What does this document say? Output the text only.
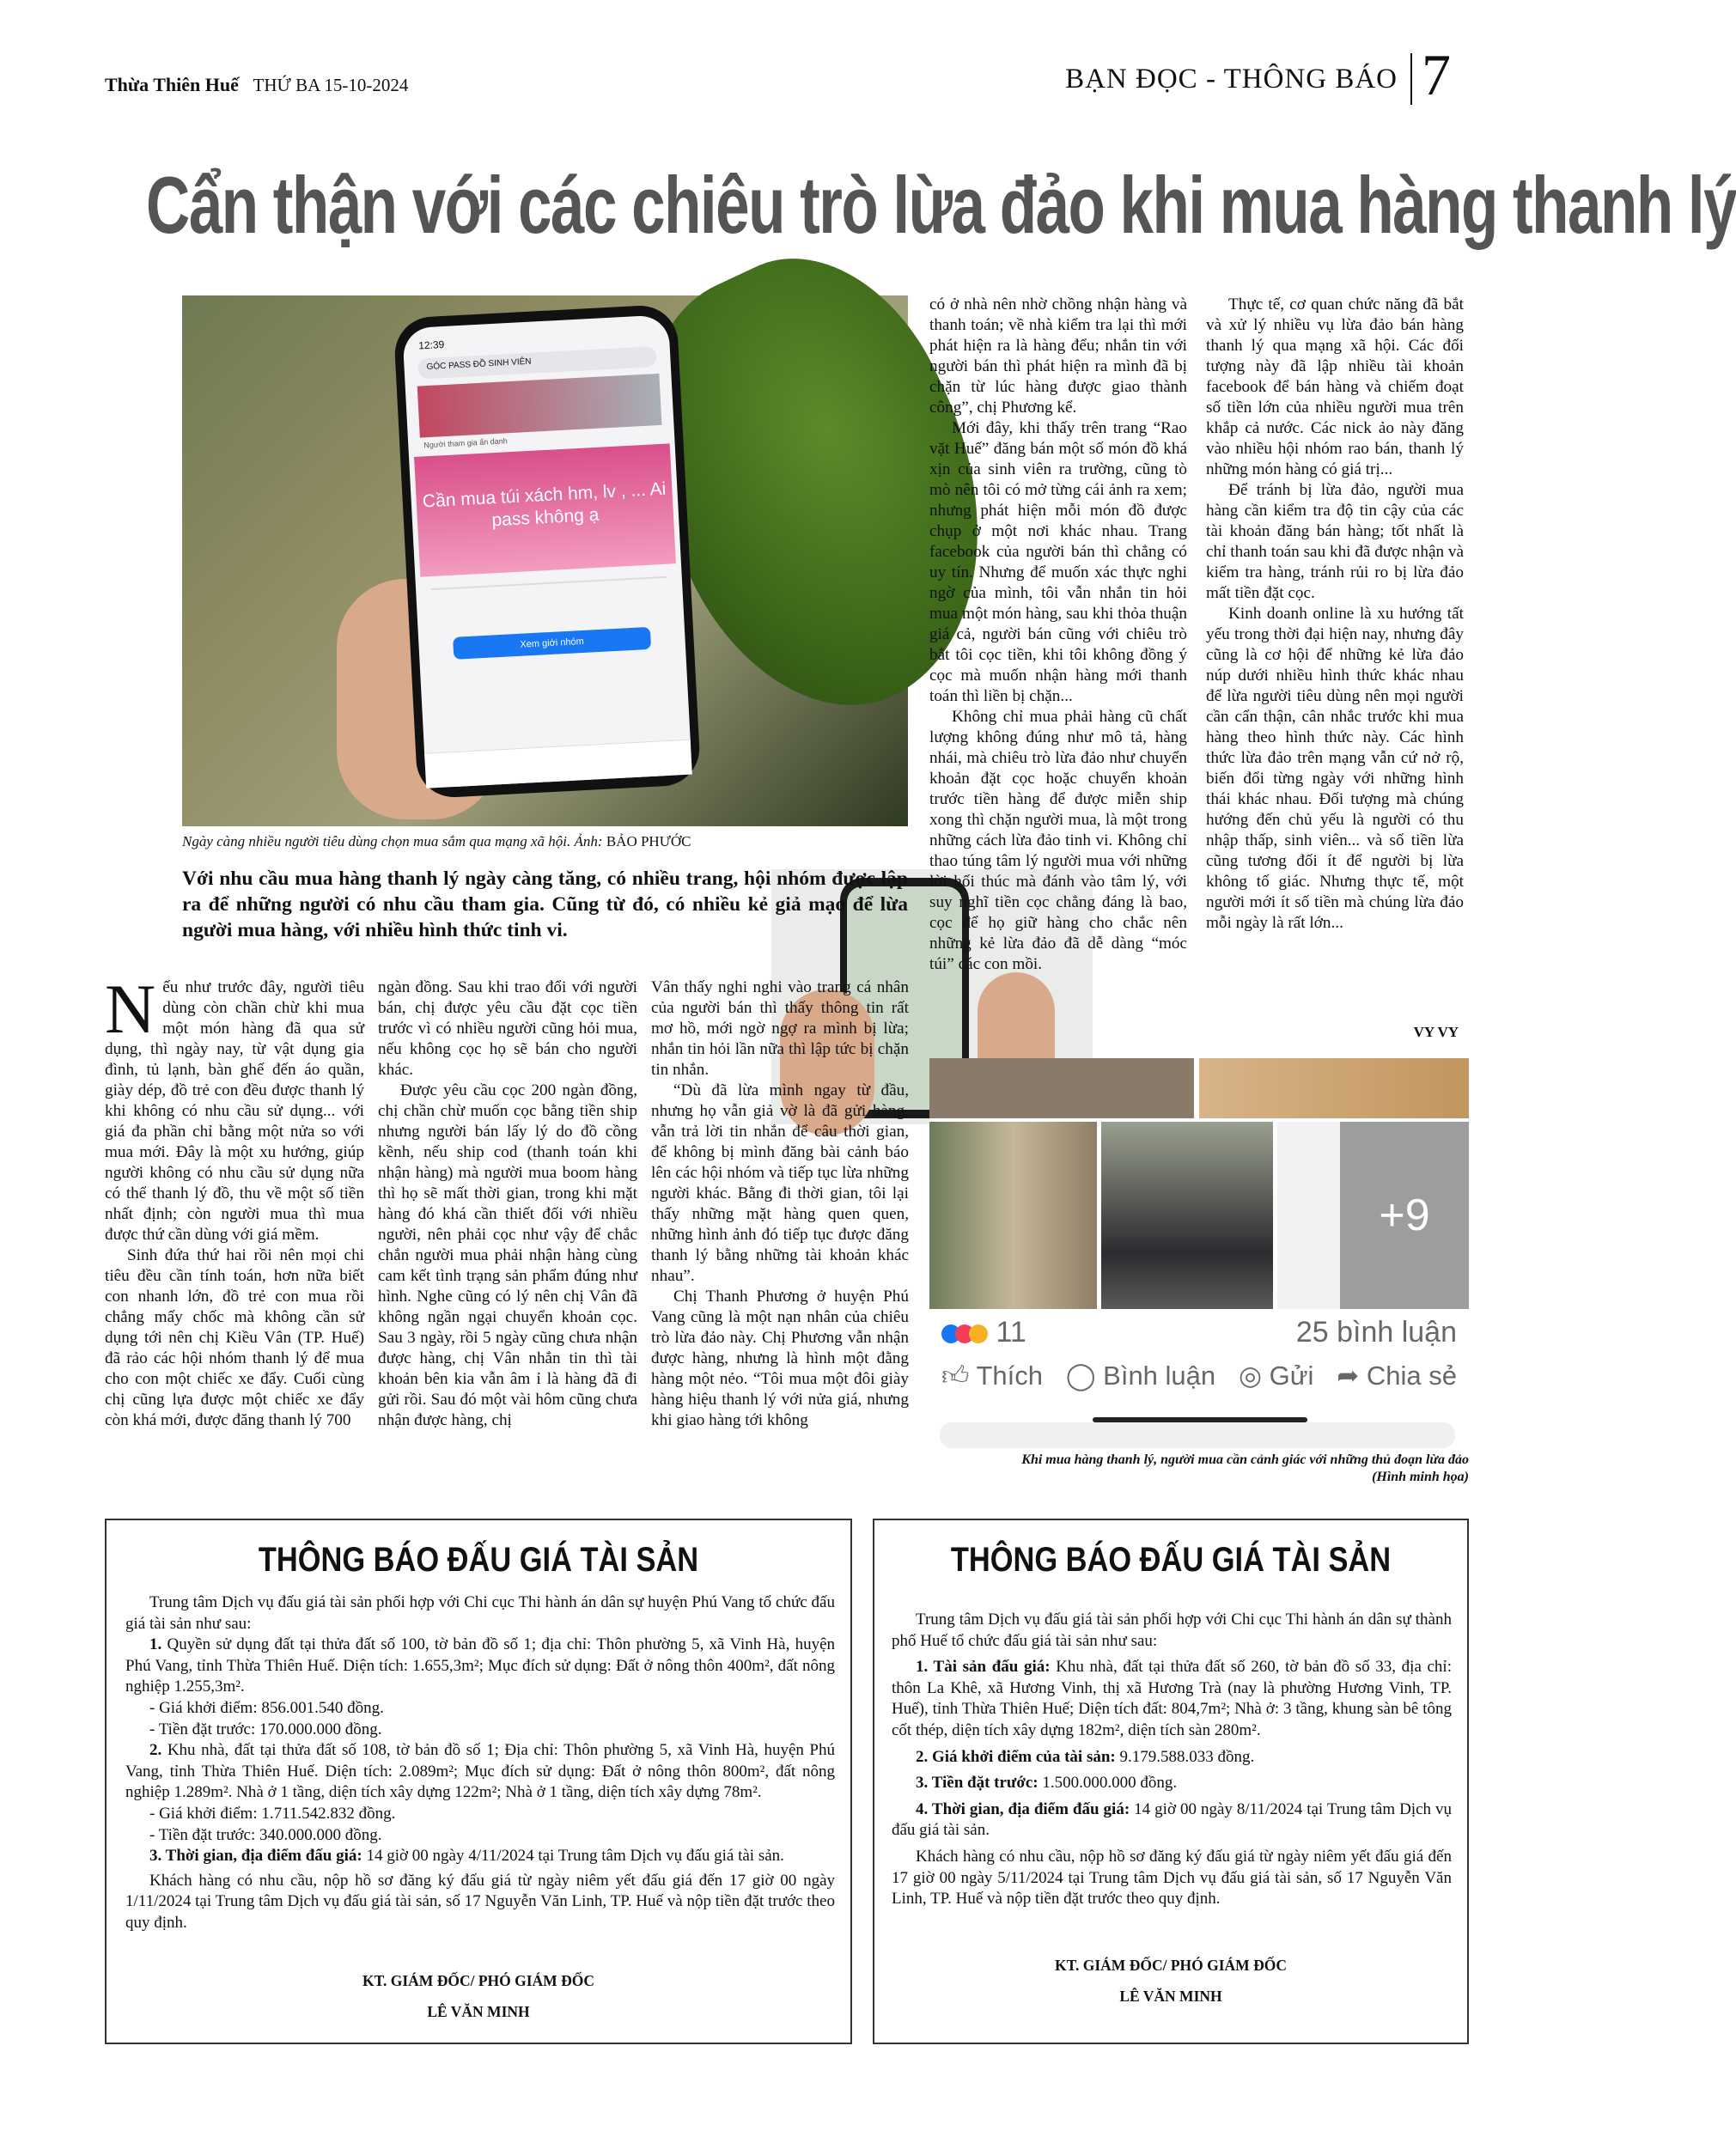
Thừa Thiên Huế THỨ BA 15-10-2024	BẠN ĐỌC - THÔNG BÁO 7
Cẩn thận với các chiêu trò lừa đảo khi mua hàng thanh lý
12:39
GÓC PASS ĐỒ SINH VIÊN
Người tham gia ẩn danh
Cần mua túi xách hm, lv , ... Ai pass không ạ
Xem giới nhóm
Ngày càng nhiều người tiêu dùng chọn mua sắm qua mạng xã hội. Ảnh: BẢO PHƯỚC
Với nhu cầu mua hàng thanh lý ngày càng tăng, có nhiều trang, hội nhóm được lập ra để những người có nhu cầu tham gia. Cũng từ đó, có nhiều kẻ giả mạo để lừa người mua hàng, với nhiều hình thức tinh vi.

Nếu như trước đây, người tiêu dùng còn chần chừ khi mua một món hàng đã qua sử dụng, thì ngày nay, từ vật dụng gia đình, tủ lạnh, bàn ghế đến áo quần, giày dép, đồ trẻ con đều được thanh lý khi không có nhu cầu sử dụng... với giá đa phần chỉ bằng một nửa so với mua mới. Đây là một xu hướng, giúp người không có nhu cầu sử dụng nữa có thể thanh lý đồ, thu về một số tiền nhất định; còn người mua thì mua được thứ cần dùng với giá mềm.

Sinh đứa thứ hai rồi nên mọi chi tiêu đều cần tính toán, hơn nữa biết con nhanh lớn, đồ trẻ con mua rồi chẳng mấy chốc mà không cần sử dụng tới nên chị Kiều Vân (TP. Huế) đã rảo các hội nhóm thanh lý để mua cho con một chiếc xe đẩy. Cuối cùng chị cũng lựa được một chiếc xe đẩy còn khá mới, được đăng thanh lý 700

ngàn đồng. Sau khi trao đổi với người bán, chị được yêu cầu đặt cọc tiền trước vì có nhiều người cũng hỏi mua, nếu không cọc họ sẽ bán cho người khác.

Được yêu cầu cọc 200 ngàn đồng, chị chần chừ muốn cọc bằng tiền ship nhưng người bán lấy lý do đồ cồng kềnh, nếu ship cod (thanh toán khi nhận hàng) mà người mua boom hàng thì họ sẽ mất thời gian, trong khi mặt hàng đó khá cần thiết đối với nhiều người, nên phải cọc như vậy để chắc chắn người mua phải nhận hàng cùng cam kết tình trạng sản phẩm đúng như hình. Nghe cũng có lý nên chị Vân đã không ngần ngại chuyển khoản cọc. Sau 3 ngày, rồi 5 ngày cũng chưa nhận được hàng, chị Vân nhắn tin thì tài khoản bên kia vẫn âm ỉ là hàng đã đi gửi rồi. Sau đó một vài hôm cũng chưa nhận được hàng, chị

Vân thấy nghi nghi vào trang cá nhân của người bán thì thấy thông tin rất mơ hồ, mới ngờ ngợ ra mình bị lừa; nhắn tin hỏi lần nữa thì lập tức bị chặn tin nhắn.

“Dù đã lừa mình ngay từ đầu, nhưng họ vẫn giả vờ là đã gửi hàng, vẫn trả lời tin nhắn để câu thời gian, để không bị mình đăng bài cảnh báo lên các hội nhóm và tiếp tục lừa những người khác. Bằng đi thời gian, tôi lại thấy những mặt hàng quen quen, những hình ảnh đó tiếp tục được đăng thanh lý bằng những tài khoản khác nhau”.

Chị Thanh Phương ở huyện Phú Vang cũng là một nạn nhân của chiêu trò lừa đảo này. Chị Phương vẫn nhận được hàng, nhưng là hình một đằng hàng một nẻo. “Tôi mua một đôi giày hàng hiệu thanh lý với nửa giá, nhưng khi giao hàng tới không

có ở nhà nên nhờ chồng nhận hàng và thanh toán; về nhà kiểm tra lại thì mới phát hiện ra là hàng đểu; nhắn tin với người bán thì phát hiện ra mình đã bị chặn từ lúc hàng được giao thành công”, chị Phương kể.

Mới đây, khi thấy trên trang “Rao vặt Huế” đăng bán một số món đồ khá xịn của sinh viên ra trường, cũng tò mò nên tôi có mở từng cái ảnh ra xem; nhưng phát hiện mỗi món đồ được chụp ở một nơi khác nhau. Trang facebook của người bán thì chẳng có uy tín. Nhưng để muốn xác thực nghi ngờ của mình, tôi vẫn nhắn tin hỏi mua một món hàng, sau khi thỏa thuận giá cả, người bán cũng với chiêu trò bắt tôi cọc tiền, khi tôi không đồng ý cọc mà muốn nhận hàng mới thanh toán thì liền bị chặn...

Không chỉ mua phải hàng cũ chất lượng không đúng như mô tả, hàng nhái, mà chiêu trò lừa đảo như chuyển khoản đặt cọc hoặc chuyển khoản trước tiền hàng để được miễn ship xong thì chặn người mua, là một trong những cách lừa đảo tinh vi. Không chỉ thao túng tâm lý người mua với những lời hối thúc mà đánh vào tâm lý, với suy nghĩ tiền cọc chẳng đáng là bao, cọc để họ giữ hàng cho chắc nên những kẻ lừa đảo đã dễ dàng “móc túi” các con mồi.

Thực tế, cơ quan chức năng đã bắt và xử lý nhiều vụ lừa đảo bán hàng thanh lý qua mạng xã hội. Các đối tượng này đã lập nhiều tài khoản facebook để bán hàng và chiếm đoạt số tiền lớn của nhiều người mua trên khắp cả nước. Các nick ảo này đăng vào nhiều hội nhóm rao bán, thanh lý những món hàng có giá trị...

Để tránh bị lừa đảo, người mua hàng cần kiểm tra độ tin cậy của các tài khoản đăng bán hàng; tốt nhất là chỉ thanh toán sau khi đã được nhận và kiểm tra hàng, tránh rủi ro bị lừa đảo mất tiền đặt cọc.

Kinh doanh online là xu hướng tất yếu trong thời đại hiện nay, nhưng đây cũng là cơ hội để những kẻ lừa đảo núp dưới nhiều hình thức khác nhau để lừa người tiêu dùng nên mọi người cần cẩn thận, cân nhắc trước khi mua hàng theo hình thức này. Các hình thức lừa đảo trên mạng vẫn cứ nở rộ, biến đổi từng ngày với những hình thái khác nhau. Đối tượng mà chúng hướng đến chủ yếu là người có thu nhập thấp, sinh viên... và số tiền lừa cũng tương đối ít để người bị lừa không tố giác. Nhưng thực tế, một người mới ít số tiền mà chúng lừa đảo mỗi ngày là rất lớn...

VY VY
+9
11	25 bình luận
👍︎ Thích ◯ Bình luận ◎ Gửi ➦ Chia sẻ
Khi mua hàng thanh lý, người mua cần cảnh giác với những thủ đoạn lừa đảo
(Hình minh họa)
THÔNG BÁO ĐẤU GIÁ TÀI SẢN

Trung tâm Dịch vụ đấu giá tài sản phối hợp với Chi cục Thi hành án dân sự huyện Phú Vang tổ chức đấu giá tài sản như sau:

1. Quyền sử dụng đất tại thửa đất số 100, tờ bản đồ số 1; địa chỉ: Thôn phường 5, xã Vinh Hà, huyện Phú Vang, tỉnh Thừa Thiên Huế. Diện tích: 1.655,3m²; Mục đích sử dụng: Đất ở nông thôn 400m², đất nông nghiệp 1.255,3m².

- Giá khởi điểm: 856.001.540 đồng.

- Tiền đặt trước: 170.000.000 đồng.

2. Khu nhà, đất tại thửa đất số 108, tờ bản đồ số 1; Địa chỉ: Thôn phường 5, xã Vinh Hà, huyện Phú Vang, tỉnh Thừa Thiên Huế. Diện tích: 2.089m²; Mục đích sử dụng: Đất ở nông thôn 800m², đất nông nghiệp 1.289m². Nhà ở 1 tầng, diện tích xây dựng 122m²; Nhà ở 1 tầng, diện tích xây dựng 78m².

- Giá khởi điểm: 1.711.542.832 đồng.

- Tiền đặt trước: 340.000.000 đồng.

3. Thời gian, địa điểm đấu giá: 14 giờ 00 ngày 4/11/2024 tại Trung tâm Dịch vụ đấu giá tài sản.

Khách hàng có nhu cầu, nộp hồ sơ đăng ký đấu giá từ ngày niêm yết đấu giá đến 17 giờ 00 ngày 1/11/2024 tại Trung tâm Dịch vụ đấu giá tài sản, số 17 Nguyễn Văn Linh, TP. Huế và nộp tiền đặt trước theo quy định.

KT. GIÁM ĐỐC/ PHÓ GIÁM ĐỐC
LÊ VĂN MINH
THÔNG BÁO ĐẤU GIÁ TÀI SẢN

Trung tâm Dịch vụ đấu giá tài sản phối hợp với Chi cục Thi hành án dân sự thành phố Huế tổ chức đấu giá tài sản như sau:

1. Tài sản đấu giá: Khu nhà, đất tại thửa đất số 260, tờ bản đồ số 33, địa chỉ: thôn La Khê, xã Hương Vinh, thị xã Hương Trà (nay là phường Hương Vinh, TP. Huế), tỉnh Thừa Thiên Huế; Diện tích đất: 804,7m²; Nhà ở: 3 tầng, khung sàn bê tông cốt thép, diện tích xây dựng 182m², diện tích sàn 280m².

2. Giá khởi điểm của tài sản: 9.179.588.033 đồng.

3. Tiền đặt trước: 1.500.000.000 đồng.

4. Thời gian, địa điểm đấu giá: 14 giờ 00 ngày 8/11/2024 tại Trung tâm Dịch vụ đấu giá tài sản.

Khách hàng có nhu cầu, nộp hồ sơ đăng ký đấu giá từ ngày niêm yết đấu giá đến 17 giờ 00 ngày 5/11/2024 tại Trung tâm Dịch vụ đấu giá tài sản, số 17 Nguyễn Văn Linh, TP. Huế và nộp tiền đặt trước theo quy định.

KT. GIÁM ĐỐC/ PHÓ GIÁM ĐỐC
LÊ VĂN MINH
